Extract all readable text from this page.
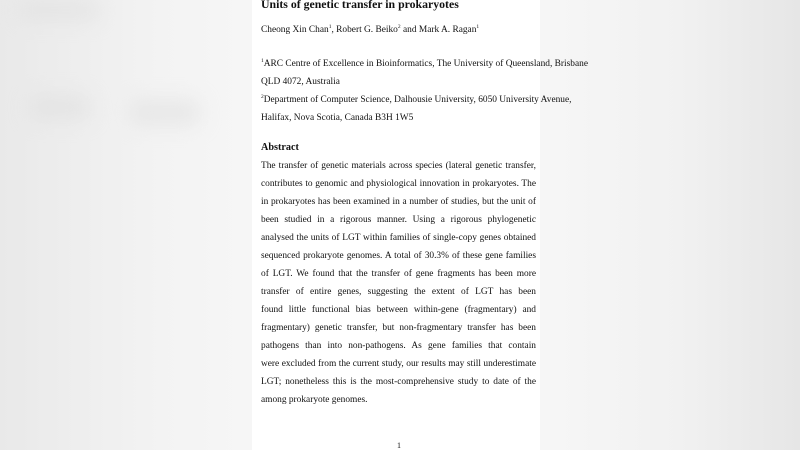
Units of genetic transfer in prokaryotes
Cheong Xin Chan$^1$, Robert G. Beiko$^2$ and Mark A. Ragan$^1$
$^1$ARC Centre of Excellence in Bioinformatics, The University of Queensland, Brisbane
QLD 4072, Australia
$^2$Department of Computer Science, Dalhousie University, 6050 University Avenue,
Halifax, Nova Scotia, Canada B3H 1W5
Abstract
The transfer of genetic materials across species (lateral genetic transfer,
contributes to genomic and physiological innovation in prokaryotes. The
in prokaryotes has been examined in a number of studies, but the unit of
been studied in a rigorous manner. Using a rigorous phylogenetic
analysed the units of LGT within families of single-copy genes obtained
sequenced prokaryote genomes. A total of 30.3% of these gene families
of LGT. We found that the transfer of gene fragments has been more
transfer of entire genes, suggesting the extent of LGT has been
found little functional bias between within-gene (fragmentary) and
fragmentary) genetic transfer, but non-fragmentary transfer has been
pathogens than into non-pathogens. As gene families that contain
were excluded from the current study, our results may still underestimate
LGT; nonetheless this is the most-comprehensive study to date of the
among prokaryote genomes.
1
